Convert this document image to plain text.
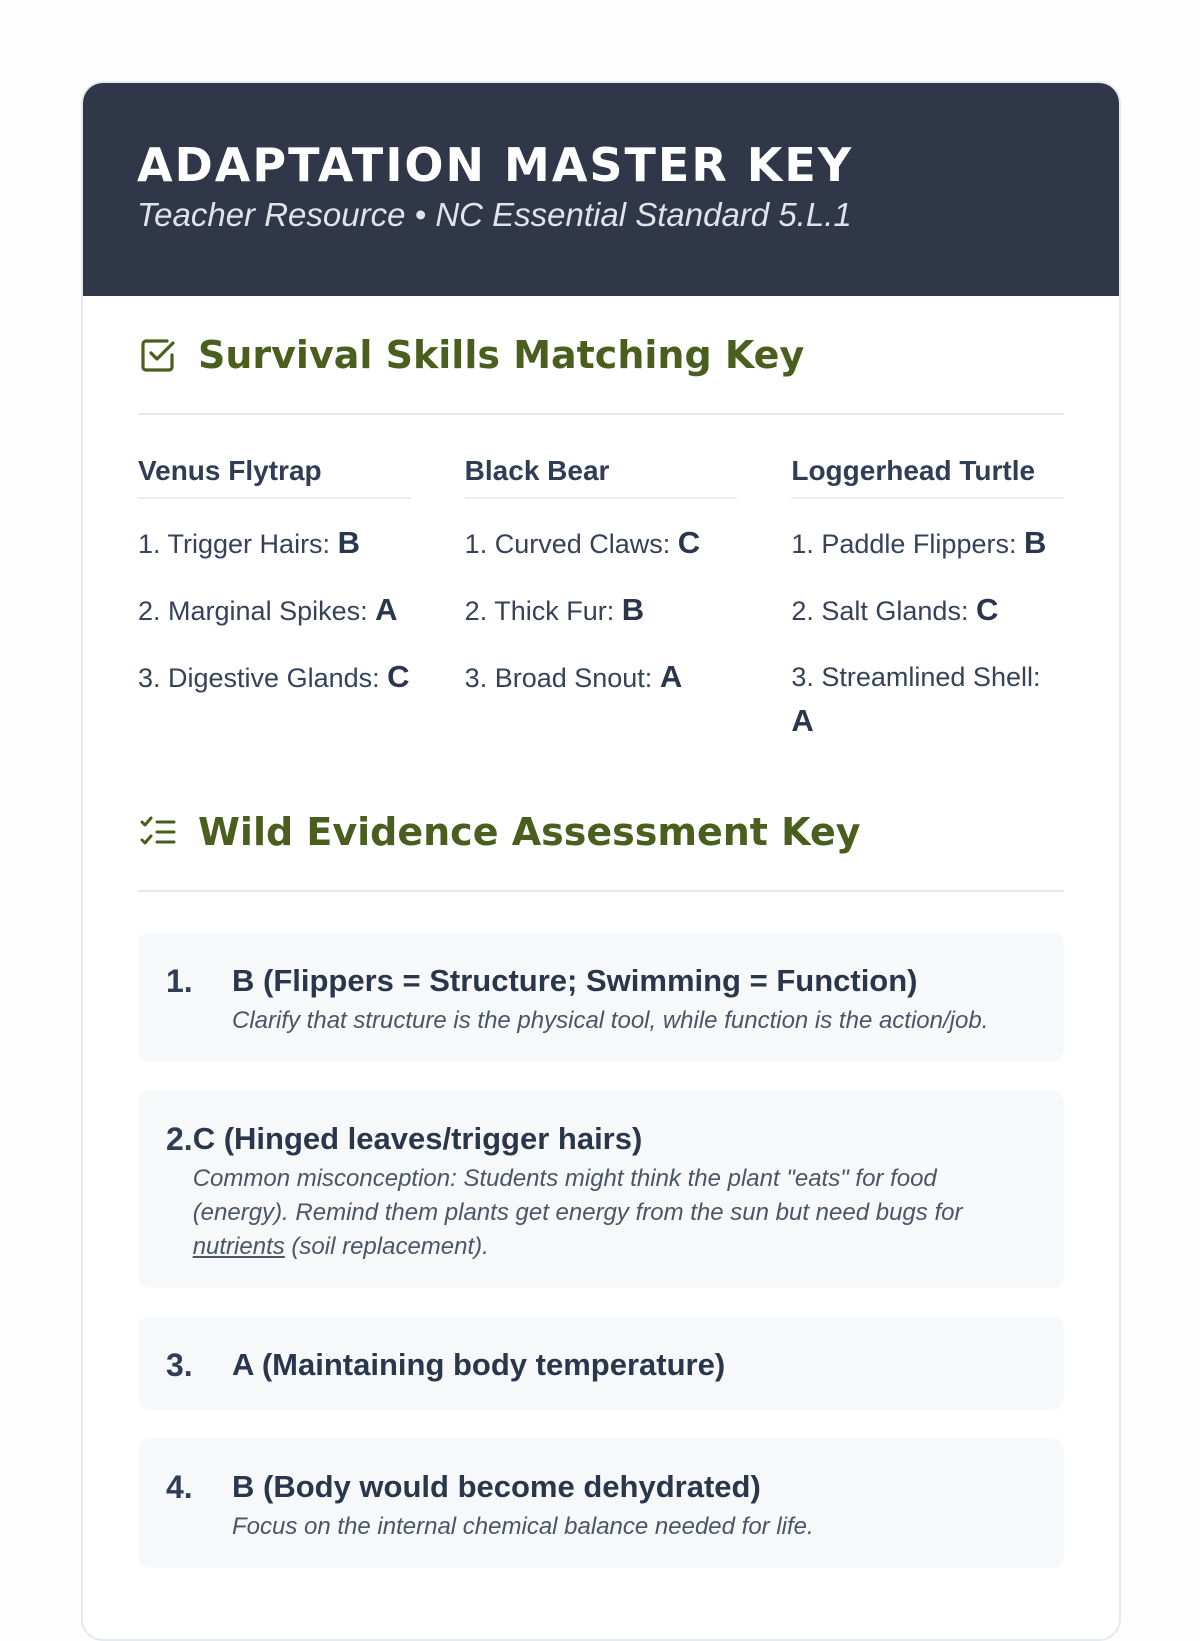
ADAPTATION MASTER KEY
Teacher Resource • NC Essential Standard 5.L.1
Survival Skills Matching Key
Venus Flytrap
1. Trigger Hairs: B
2. Marginal Spikes: A
3. Digestive Glands: C
Black Bear
1. Curved Claws: C
2. Thick Fur: B
3. Broad Snout: A
Loggerhead Turtle
1. Paddle Flippers: B
2. Salt Glands: C
3. Streamlined Shell:
A
Wild Evidence Assessment Key
1.	B (Flippers = Structure; Swimming = Function)
Clarify that structure is the physical tool, while function is the action/job.
2. C (Hinged leaves/trigger hairs)
Common misconception: Students might think the plant "eats" for food (energy). Remind them plants get energy from the sun but need bugs for nutrients (soil replacement).
3.	A (Maintaining body temperature)
4.	B (Body would become dehydrated)
Focus on the internal chemical balance needed for life.
